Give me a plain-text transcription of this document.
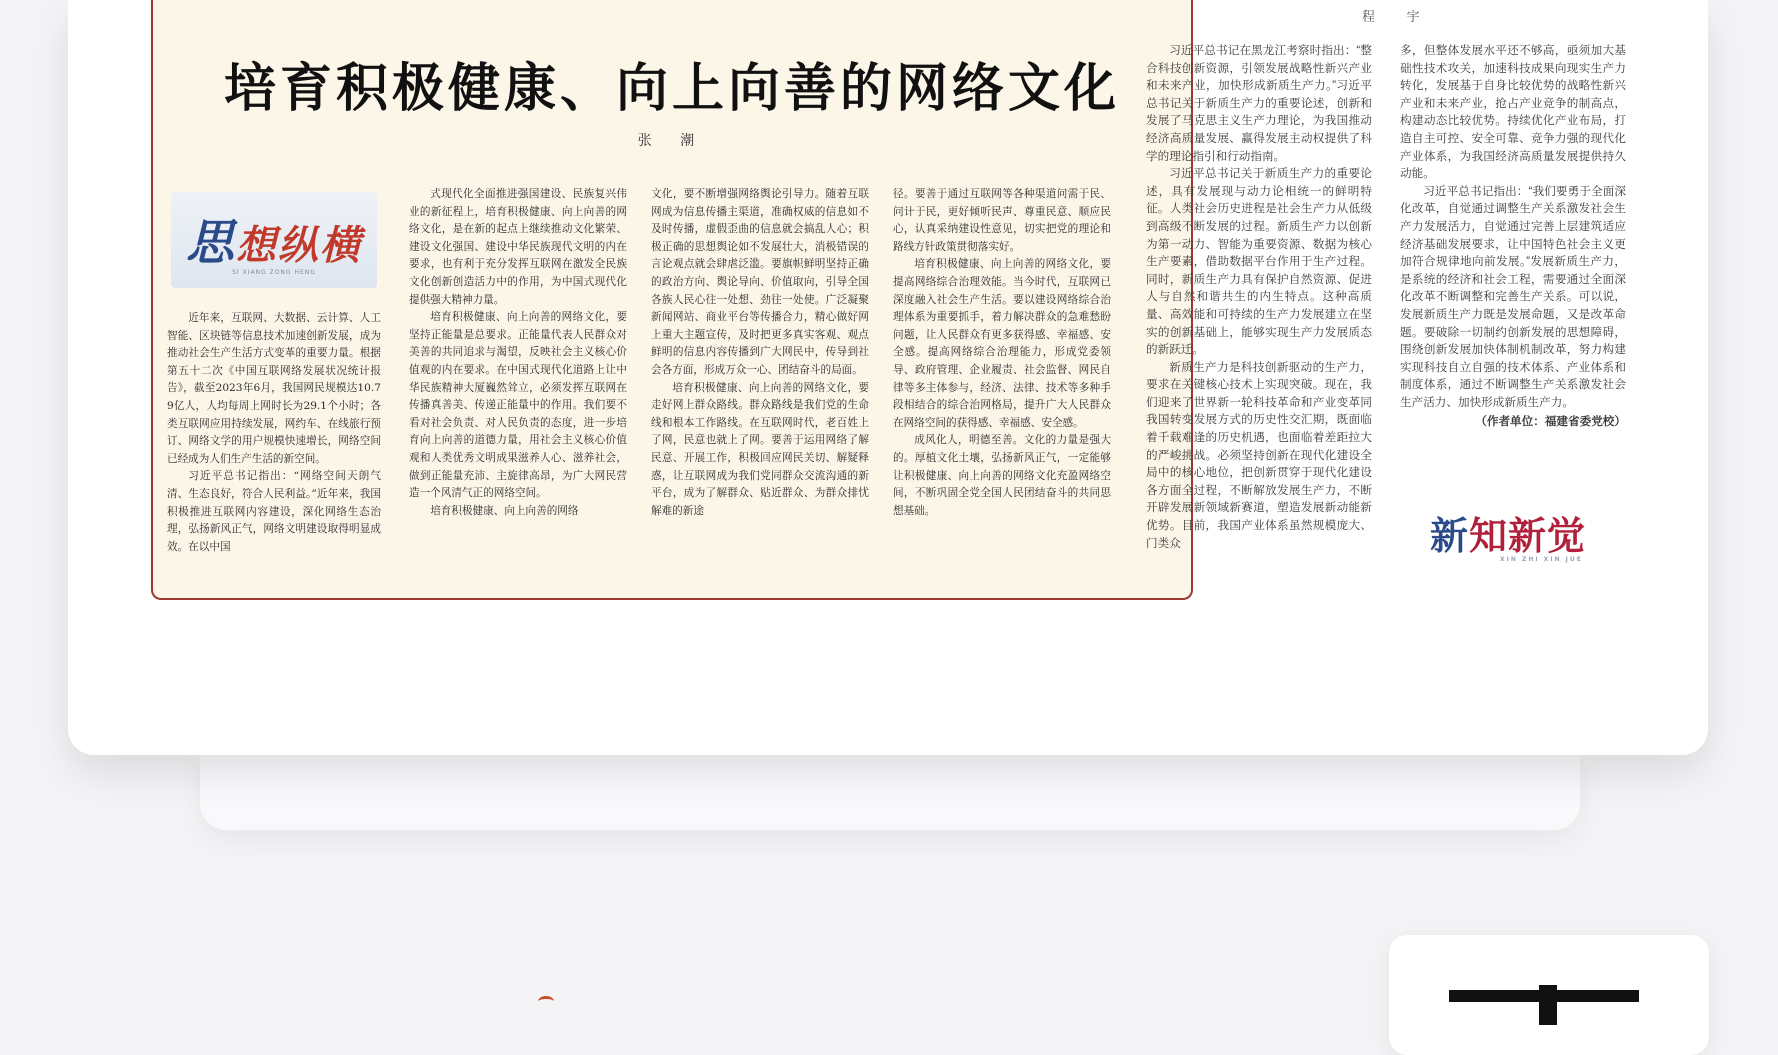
培育积极健康、向上向善的网络文化
张 潮
思想纵横
SI XIANG ZONG HENG

近年来，互联网、大数据、云计算、人工智能、区块链等信息技术加速创新发展，成为推动社会生产生活方式变革的重要力量。根据第五十二次《中国互联网络发展状况统计报告》，截至2023年6月，我国网民规模达10.79亿人，人均每周上网时长为29.1个小时；各类互联网应用持续发展，网约车、在线旅行预订、网络文学的用户规模快速增长，网络空间已经成为人们生产生活的新空间。

习近平总书记指出：“网络空间天朗气清、生态良好，符合人民利益。”近年来，我国积极推进互联网内容建设，深化网络生态治理，弘扬新风正气，网络文明建设取得明显成效。在以中国

式现代化全面推进强国建设、民族复兴伟业的新征程上，培育积极健康、向上向善的网络文化，是在新的起点上继续推动文化繁荣、建设文化强国、建设中华民族现代文明的内在要求，也有利于充分发挥互联网在激发全民族文化创新创造活力中的作用，为中国式现代化提供强大精神力量。

培育积极健康、向上向善的网络文化，要坚持正能量是总要求。正能量代表人民群众对美善的共同追求与渴望，反映社会主义核心价值观的内在要求。在中国式现代化道路上让中华民族精神大厦巍然耸立，必须发挥互联网在传播真善美、传递正能量中的作用。我们要不看对社会负责、对人民负责的态度，进一步培育向上向善的道德力量，用社会主义核心价值观和人类优秀文明成果滋养人心、滋养社会，做到正能量充沛、主旋律高昂，为广大网民营造一个风清气正的网络空间。

培育积极健康、向上向善的网络

文化，要不断增强网络舆论引导力。随着互联网成为信息传播主渠道，准确权威的信息如不及时传播，虚假歪曲的信息就会搞乱人心；积极正确的思想舆论如不发展壮大，消极错误的言论观点就会肆虐泛滥。要旗帜鲜明坚持正确的政治方向、舆论导向、价值取向，引导全国各族人民心往一处想、劲往一处使。广泛凝聚新闻网站、商业平台等传播合力，精心做好网上重大主题宣传，及时把更多真实客观、观点鲜明的信息内容传播到广大网民中，传导到社会各方面，形成万众一心、团结奋斗的局面。

培育积极健康、向上向善的网络文化，要走好网上群众路线。群众路线是我们党的生命线和根本工作路线。在互联网时代，老百姓上了网，民意也就上了网。要善于运用网络了解民意、开展工作，积极回应网民关切、解疑释惑，让互联网成为我们党同群众交流沟通的新平台，成为了解群众、贴近群众、为群众排忧解难的新途

径。要善于通过互联网等各种渠道问需于民、问计于民，更好倾听民声、尊重民意、顺应民心，认真采纳建设性意见，切实把党的理论和路线方针政策贯彻落实好。

培育积极健康、向上向善的网络文化，要提高网络综合治理效能。当今时代，互联网已深度融入社会生产生活。要以建设网络综合治理体系为重要抓手，着力解决群众的急难愁盼问题，让人民群众有更多获得感、幸福感、安全感。提高网络综合治理能力，形成党委领导、政府管理、企业履责、社会监督、网民自律等多主体参与，经济、法律、技术等多种手段相结合的综合治网格局，提升广大人民群众在网络空间的获得感、幸福感、安全感。

成风化人，明德至善。文化的力量是强大的。厚植文化土壤，弘扬新风正气，一定能够让积极健康、向上向善的网络文化充盈网络空间，不断巩固全党全国人民团结奋斗的共同思想基础。

程 宇

习近平总书记在黑龙江考察时指出：“整合科技创新资源，引领发展战略性新兴产业和未来产业，加快形成新质生产力。”习近平总书记关于新质生产力的重要论述，创新和发展了马克思主义生产力理论，为我国推动经济高质量发展、赢得发展主动权提供了科学的理论指引和行动指南。

习近平总书记关于新质生产力的重要论述，具有发展现与动力论相统一的鲜明特征。人类社会历史进程是社会生产力从低级到高级不断发展的过程。新质生产力以创新为第一动力、智能为重要资源、数据为核心生产要素，借助数据平台作用于生产过程。同时，新质生产力具有保护自然资源、促进人与自然和谐共生的内生特点。这种高质量、高效能和可持续的生产力发展建立在坚实的创新基础上，能够实现生产力发展质态的新跃迁。

新质生产力是科技创新驱动的生产力，要求在关键核心技术上实现突破。现在，我们迎来了世界新一轮科技革命和产业变革同我国转变发展方式的历史性交汇期，既面临着千载难逢的历史机遇，也面临着差距拉大的严峻挑战。必须坚持创新在现代化建设全局中的核心地位，把创新贯穿于现代化建设各方面全过程，不断解放发展生产力，不断开辟发展新领域新赛道，塑造发展新动能新优势。目前，我国产业体系虽然规模庞大、门类众

多，但整体发展水平还不够高，亟须加大基础性技术攻关，加速科技成果向现实生产力转化，发展基于自身比较优势的战略性新兴产业和未来产业，抢占产业竞争的制高点，构建动态比较优势。持续优化产业布局，打造自主可控、安全可靠、竞争力强的现代化产业体系，为我国经济高质量发展提供持久动能。

习近平总书记指出：“我们要勇于全面深化改革，自觉通过调整生产关系激发社会生产力发展活力，自觉通过完善上层建筑适应经济基础发展要求，让中国特色社会主义更加符合规律地向前发展。”发展新质生产力，是系统的经济和社会工程，需要通过全面深化改革不断调整和完善生产关系。可以说，发展新质生产力既是发展命题，又是改革命题。要破除一切制约创新发展的思想障碍，围绕创新发展加快体制机制改革，努力构建实现科技自立自强的技术体系、产业体系和制度体系，通过不断调整生产关系激发社会生产活力、加快形成新质生产力。

（作者单位：福建省委党校）
新知新觉
XIN ZHI XIN JUE
